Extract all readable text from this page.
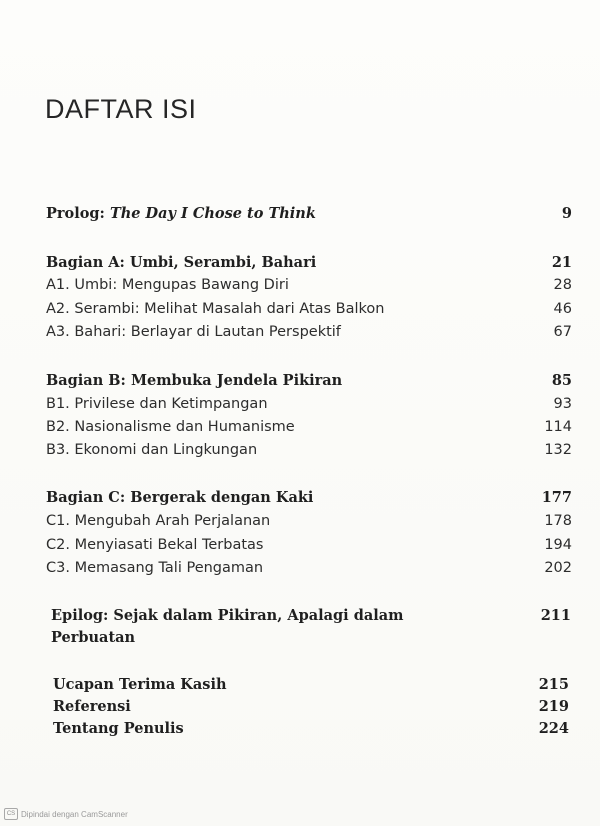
DAFTAR ISI
Prolog: The Day I Chose to Think	9
Bagian A: Umbi, Serambi, Bahari	21
A1. Umbi: Mengupas Bawang Diri	28
A2. Serambi: Melihat Masalah dari Atas Balkon	46
A3. Bahari: Berlayar di Lautan Perspektif	67
Bagian B: Membuka Jendela Pikiran	85
B1. Privilese dan Ketimpangan	93
B2. Nasionalisme dan Humanisme	114
B3. Ekonomi dan Lingkungan	132
Bagian C: Bergerak dengan Kaki	177
C1. Mengubah Arah Perjalanan	178
C2. Menyiasati Bekal Terbatas	194
C3. Memasang Tali Pengaman	202
Epilog: Sejak dalam Pikiran, Apalagi dalam	211
Perbuatan
Ucapan Terima Kasih	215
Referensi	219
Tentang Penulis	224
CS Dipindai dengan CamScanner
